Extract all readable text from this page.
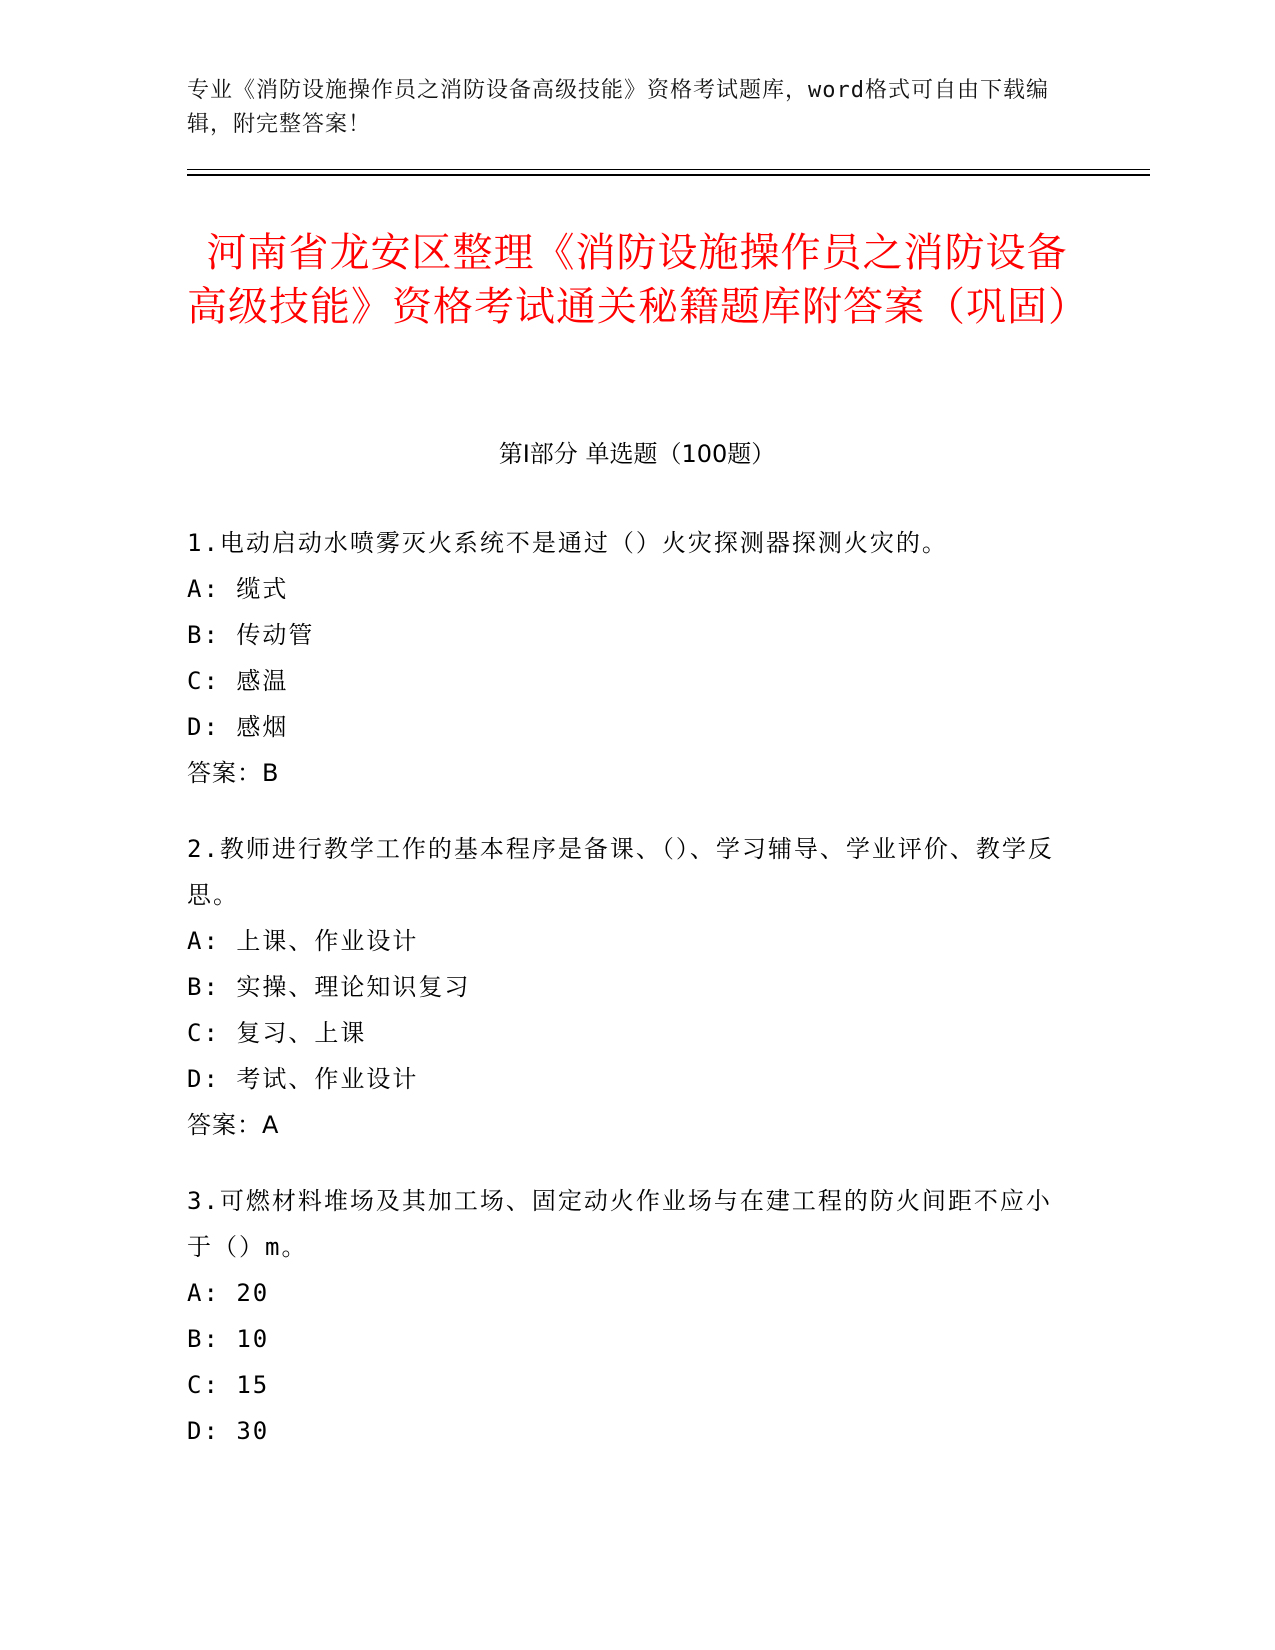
专业《消防设施操作员之消防设备高级技能》资格考试题库，word格式可自由下载编辑，附完整答案！
河南省龙安区整理《消防设施操作员之消防设备高级技能》资格考试通关秘籍题库附答案（巩固）
第Ⅰ部分 单选题（100题）
1.电动启动水喷雾灭火系统不是通过（）火灾探测器探测火灾的。
A: 缆式
B: 传动管
C: 感温
D: 感烟
答案：B
2.教师进行教学工作的基本程序是备课、（）、学习辅导、学业评价、教学反思。
A: 上课、作业设计
B: 实操、理论知识复习
C: 复习、上课
D: 考试、作业设计
答案：A
3.可燃材料堆场及其加工场、固定动火作业场与在建工程的防火间距不应小于（）m。
A: 20
B: 10
C: 15
D: 30
